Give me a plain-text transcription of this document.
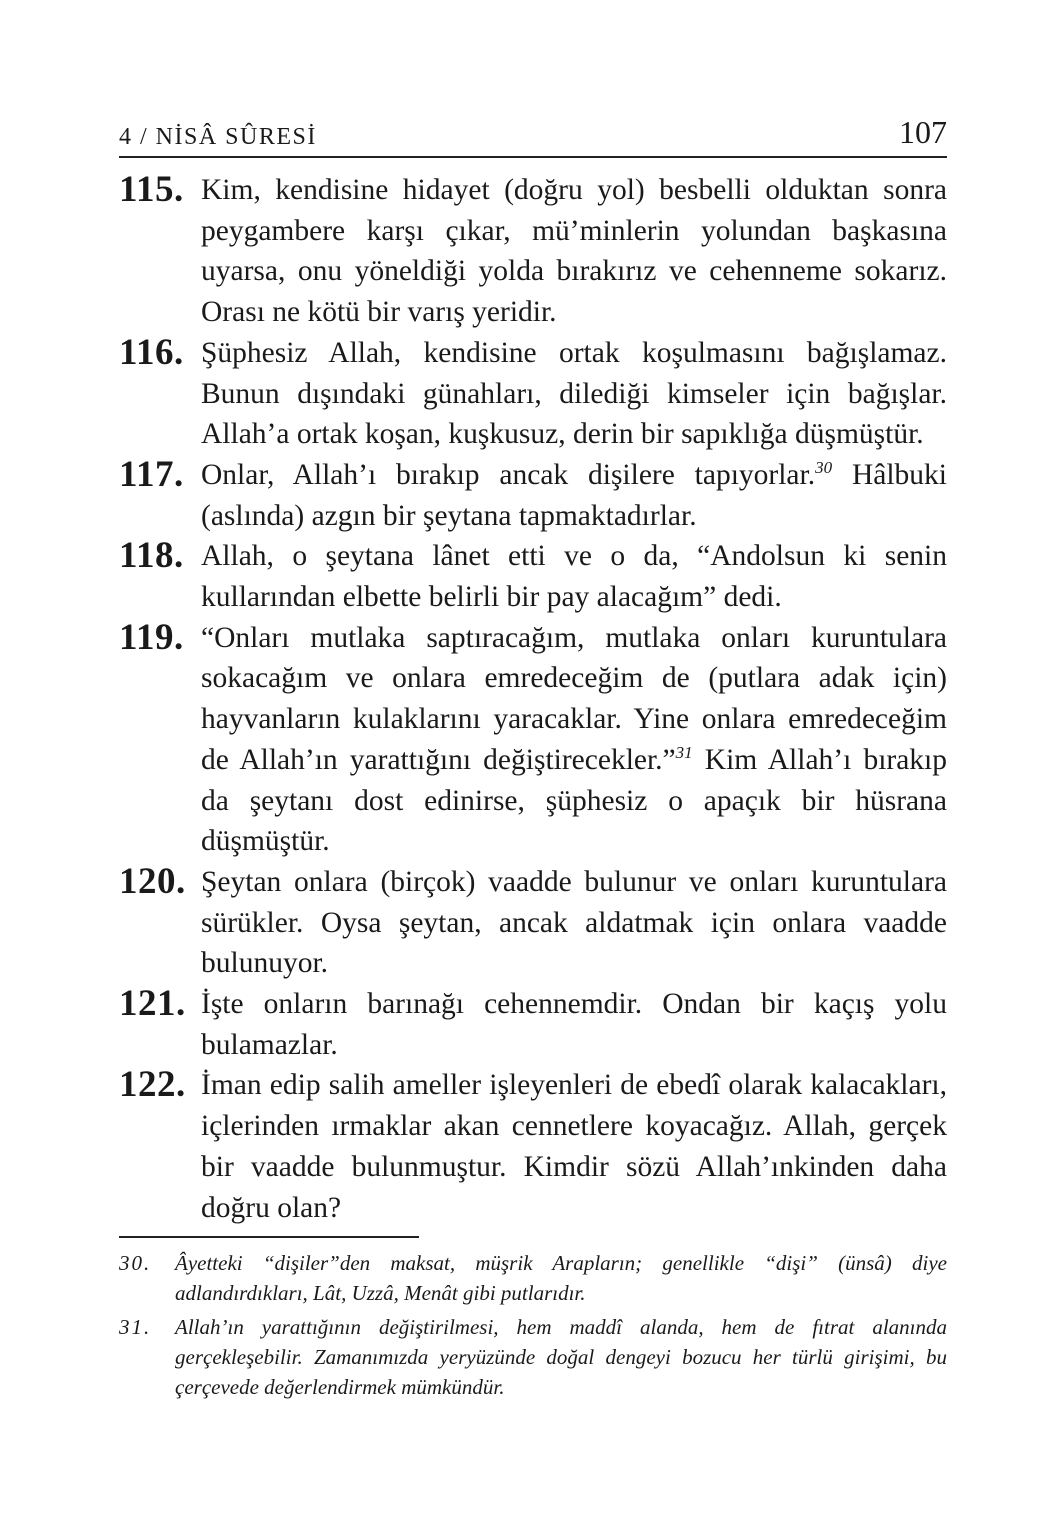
4 / NİSÂ SÛRESİ	107
115. Kim, kendisine hidayet (doğru yol) besbelli olduktan sonra peygambere karşı çıkar, mü’minlerin yolundan başkasına uyarsa, onu yöneldiği yolda bırakırız ve cehenneme sokarız. Orası ne kötü bir varış yeridir.
116. Şüphesiz Allah, kendisine ortak koşulmasını bağışlamaz. Bunun dışındaki günahları, dilediği kimseler için bağışlar. Allah’a ortak koşan, kuşkusuz, derin bir sapıklığa düşmüştür.
117. Onlar, Allah’ı bırakıp ancak dişilere tapıyorlar.$^{30}$ Hâlbuki (aslında) azgın bir şeytana tapmaktadırlar.
118. Allah, o şeytana lânet etti ve o da, “Andolsun ki senin kullarından elbette belirli bir pay alacağım” dedi.
119. “Onları mutlaka saptıracağım, mutlaka onları kuruntulara sokacağım ve onlara emredeceğim de (putlara adak için) hayvanların kulaklarını yaracaklar. Yine onlara emredeceğim de Allah’ın yarattığını değiştirecekler.”$^{31}$ Kim Allah’ı bırakıp da şeytanı dost edinirse, şüphesiz o apaçık bir hüsrana düşmüştür.
120. Şeytan onlara (birçok) vaadde bulunur ve onları kuruntulara sürükler. Oysa şeytan, ancak aldatmak için onlara vaadde bulunuyor.
121. İşte onların barınağı cehennemdir. Ondan bir kaçış yolu bulamazlar.
122. İman edip salih ameller işleyenleri de ebedî olarak kalacakları, içlerinden ırmaklar akan cennetlere koyacağız. Allah, gerçek bir vaadde bulunmuştur. Kimdir sözü Allah’ınkinden daha doğru olan?
30.	Âyetteki “dişiler”den maksat, müşrik Arapların; genellikle “dişi” (ünsâ) diye adlandırdıkları, Lât, Uzzâ, Menât gibi putlarıdır.
31.	Allah’ın yarattığının değiştirilmesi, hem maddî alanda, hem de fıtrat alanında gerçekleşebilir. Zamanımızda yeryüzünde doğal dengeyi bozucu her türlü girişimi, bu çerçevede değerlendirmek mümkündür.
